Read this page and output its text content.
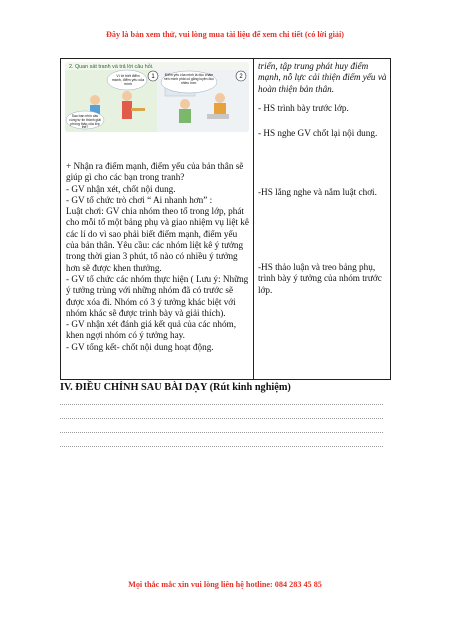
Đây là bản xem thử, vui lòng mua tài liệu để xem chi tiết (có lời giải)
1	2
2. Quan sát tranh và trả lời câu hỏi.
Vì tớ biết điểm mạnh, điểm yếu của mình
Sao bạn nhìn cầu cùng tự tin thành giải phóng thảo của lớp thế?
Điểm yếu của mình là đọc chậm nên mình phải cố gắng luyện đọc nhiều hơn.

+ Nhận ra điểm mạnh, điểm yếu của bản thân sẽ giúp gì cho các bạn trong tranh?

- GV nhận xét, chốt nội dung.

- GV tổ chức trò chơi “ Ai nhanh hơn” :

Luật chơi: GV chia nhóm theo tổ trong lớp, phát cho mỗi tổ một bảng phụ và giao nhiệm vụ liệt kê các lí do vì sao phải biết điểm mạnh, điểm yếu của bản thân. Yêu cầu: các nhóm liệt kê ý tưởng trong thời gian 3 phút, tổ nào có nhiều ý tưởng hơn sẽ được khen thưởng.

- GV tổ chức các nhóm thực hiện ( Lưu ý: Những ý tưởng trùng với những nhóm đã có trước sẽ được xóa đi. Nhóm có 3 ý tưởng khác biệt với nhóm khác sẽ được trình bày và giải thích).

- GV nhận xét đánh giá kết quả của các nhóm, khen ngợi nhóm có ý tưởng hay.

- GV tổng kết- chốt nội dung hoạt động.

triển, tập trung phát huy điểm mạnh, nỗ lực cải thiện điểm yếu và hoàn thiện bản thân.
- HS trình bày trước lớp.
- HS nghe GV chốt lại nội dung.
-HS lắng nghe và nắm luật chơi.
-HS thảo luận và treo bảng phụ, trình bày ý tưởng của nhóm trước lớp.
IV. ĐIỀU CHỈNH SAU BÀI DẠY (Rút kinh nghiệm)
Mọi thắc mắc xin vui lòng liên hệ hotline: 084 283 45 85
